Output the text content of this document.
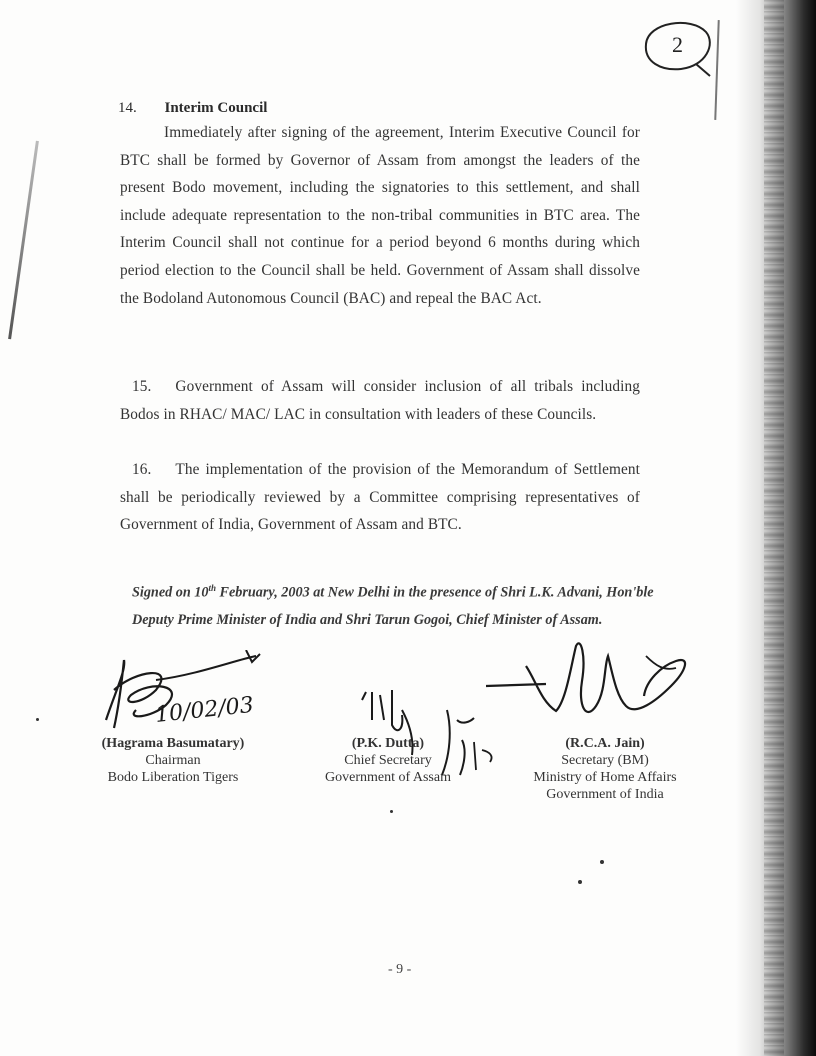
2
14. Interim Council
Immediately after signing of the agreement, Interim Executive Council for BTC shall be formed by Governor of Assam from amongst the leaders of the present Bodo movement, including the signatories to this settlement, and shall include adequate representation to the non-tribal communities in BTC area. The Interim Council shall not continue for a period beyond 6 months during which period election to the Council shall be held. Government of Assam shall dissolve the Bodoland Autonomous Council (BAC) and repeal the BAC Act.
15. Government of Assam will consider inclusion of all tribals including Bodos in RHAC/ MAC/ LAC in consultation with leaders of these Councils.
16. The implementation of the provision of the Memorandum of Settlement shall be periodically reviewed by a Committee comprising representatives of Government of India, Government of Assam and BTC.
Signed on 10th February, 2003 at New Delhi in the presence of Shri L.K. Advani, Hon'ble Deputy Prime Minister of India and Shri Tarun Gogoi, Chief Minister of Assam.
10/02/03
(Hagrama Basumatary)
Chairman
Bodo Liberation Tigers
(P.K. Dutta)
Chief Secretary
Government of Assam
(R.C.A. Jain)
Secretary (BM)
Ministry of Home Affairs
Government of India
- 9 -
